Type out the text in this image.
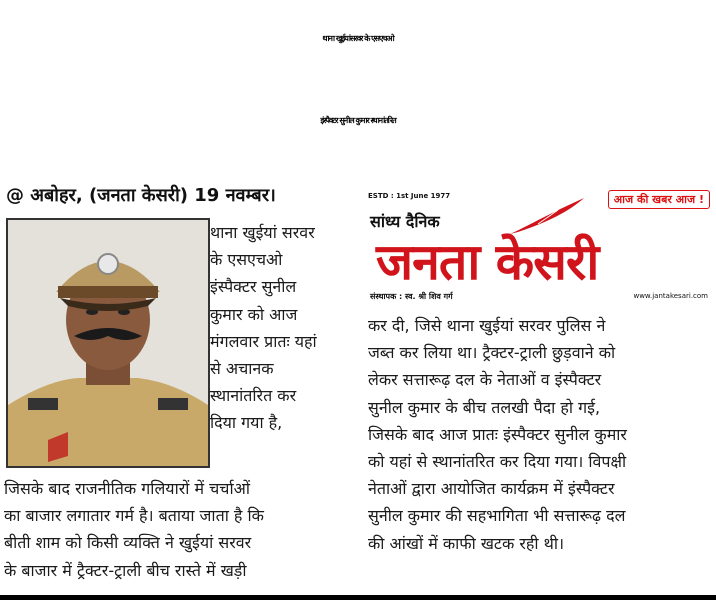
थाना खुईयांसरवर के एसएचओ
इंस्पैक्टर सुनील कुमार स्थानांतरित
@ अबोहर, (जनता केसरी) 19 नवम्बर।	ESTD : 1st June 1977	आज की खबर आज !
सांध्य दैनिक
जनता केसरी
संस्थापक : स्व. श्री शिव गर्ग	www.jantakesari.com
थाना खुईयां सरवर
के एसएचओ
इंस्पैक्टर सुनील
कुमार को आज
मंगलवार प्रातः यहां
से अचानक
स्थानांतरित कर
दिया गया है,
जिसके बाद राजनीतिक गलियारों में चर्चाओं
का बाजार लगातार गर्म है। बताया जाता है कि
बीती शाम को किसी व्यक्ति ने खुईयां सरवर
के बाजार में ट्रैक्टर-ट्राली बीच रास्ते में खड़ी
कर दी, जिसे थाना खुईयां सरवर पुलिस ने
जब्त कर लिया था। ट्रैक्टर-ट्राली छुड़वाने को
लेकर सत्तारूढ़ दल के नेताओं व इंस्पैक्टर
सुनील कुमार के बीच तलखी पैदा हो गई,
जिसके बाद आज प्रातः इंस्पैक्टर सुनील कुमार
को यहां से स्थानांतरित कर दिया गया। विपक्षी
नेताओं द्वारा आयोजित कार्यक्रम में इंस्पैक्टर
सुनील कुमार की सहभागिता भी सत्तारूढ़ दल
की आंखों में काफी खटक रही थी।
